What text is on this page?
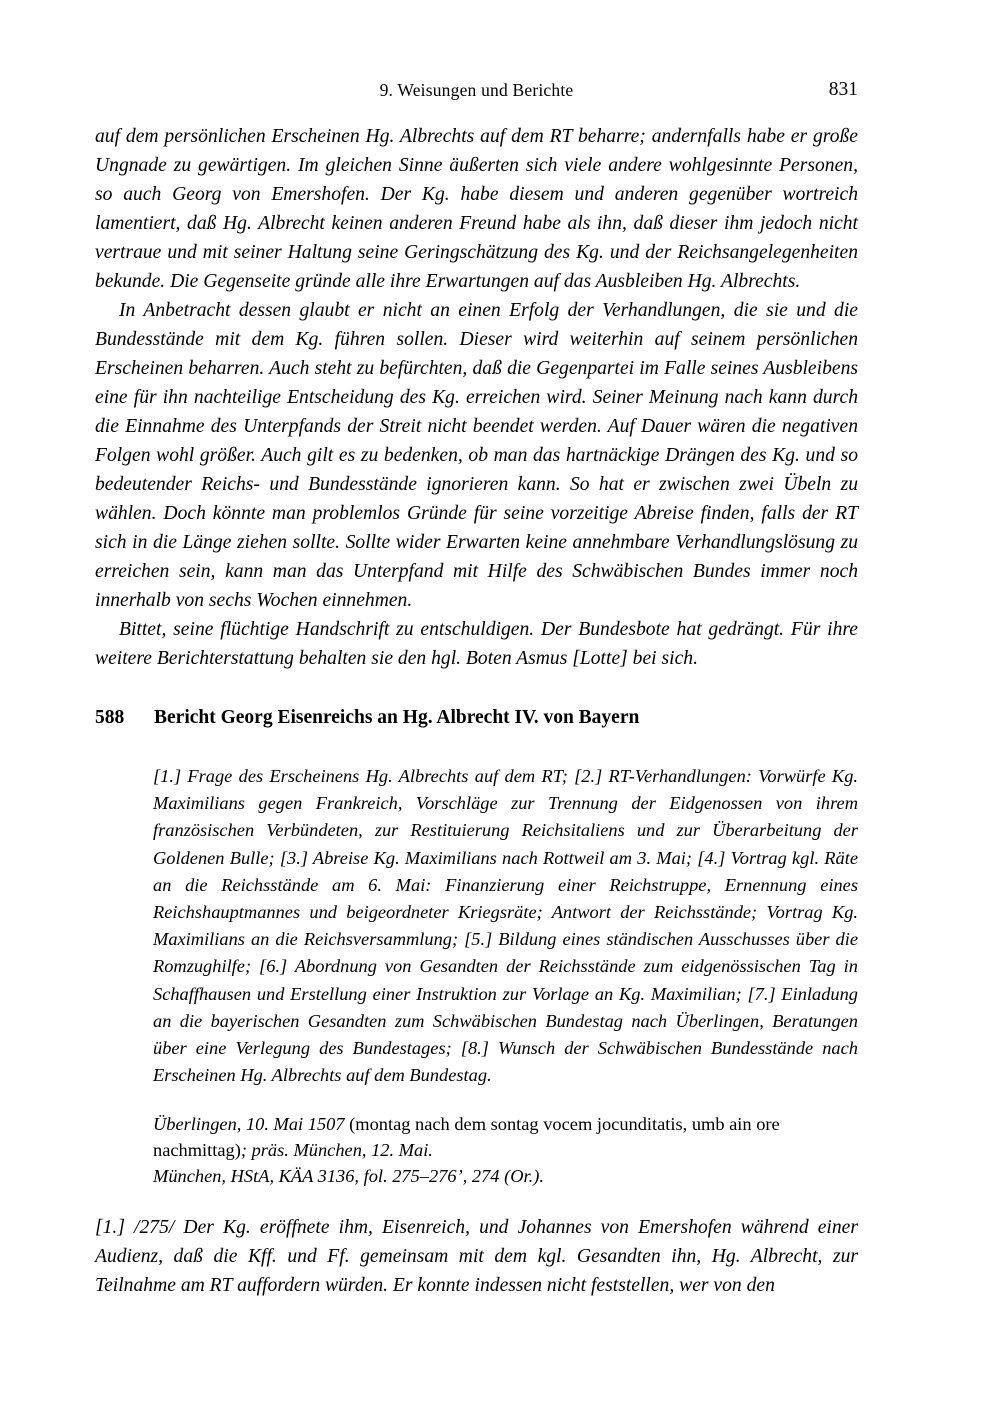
9. Weisungen und Berichte	831

auf dem persönlichen Erscheinen Hg. Albrechts auf dem RT beharre; andernfalls habe er große Ungnade zu gewärtigen. Im gleichen Sinne äußerten sich viele andere wohlgesinnte Personen, so auch Georg von Emershofen. Der Kg. habe diesem und anderen gegenüber wortreich lamentiert, daß Hg. Albrecht keinen anderen Freund habe als ihn, daß dieser ihm jedoch nicht vertraue und mit seiner Haltung seine Geringschätzung des Kg. und der Reichsangelegenheiten bekunde. Die Gegenseite gründe alle ihre Erwartungen auf das Ausbleiben Hg. Albrechts.

In Anbetracht dessen glaubt er nicht an einen Erfolg der Verhandlungen, die sie und die Bundesstände mit dem Kg. führen sollen. Dieser wird weiterhin auf seinem persönlichen Erscheinen beharren. Auch steht zu befürchten, daß die Gegenpartei im Falle seines Ausbleibens eine für ihn nachteilige Entscheidung des Kg. erreichen wird. Seiner Meinung nach kann durch die Einnahme des Unterpfands der Streit nicht beendet werden. Auf Dauer wären die negativen Folgen wohl größer. Auch gilt es zu bedenken, ob man das hartnäckige Drängen des Kg. und so bedeutender Reichs- und Bundesstände ignorieren kann. So hat er zwischen zwei Übeln zu wählen. Doch könnte man problemlos Gründe für seine vorzeitige Abreise finden, falls der RT sich in die Länge ziehen sollte. Sollte wider Erwarten keine annehmbare Verhandlungslösung zu erreichen sein, kann man das Unterpfand mit Hilfe des Schwäbischen Bundes immer noch innerhalb von sechs Wochen einnehmen.

Bittet, seine flüchtige Handschrift zu entschuldigen. Der Bundesbote hat gedrängt. Für ihre weitere Berichterstattung behalten sie den hgl. Boten Asmus [Lotte] bei sich.

588 Bericht Georg Eisenreichs an Hg. Albrecht IV. von Bayern

[1.] Frage des Erscheinens Hg. Albrechts auf dem RT; [2.] RT-Verhandlungen: Vorwürfe Kg. Maximilians gegen Frankreich, Vorschläge zur Trennung der Eidgenossen von ihrem französischen Verbündeten, zur Restituierung Reichsitaliens und zur Überarbeitung der Goldenen Bulle; [3.] Abreise Kg. Maximilians nach Rottweil am 3. Mai; [4.] Vortrag kgl. Räte an die Reichsstände am 6. Mai: Finanzierung einer Reichstruppe, Ernennung eines Reichshauptmannes und beigeordneter Kriegsräte; Antwort der Reichsstände; Vortrag Kg. Maximilians an die Reichsversammlung; [5.] Bildung eines ständischen Ausschusses über die Romzughilfe; [6.] Abordnung von Gesandten der Reichsstände zum eidgenössischen Tag in Schaffhausen und Erstellung einer Instruktion zur Vorlage an Kg. Maximilian; [7.] Einladung an die bayerischen Gesandten zum Schwäbischen Bundestag nach Überlingen, Beratungen über eine Verlegung des Bundestages; [8.] Wunsch der Schwäbischen Bundesstände nach Erscheinen Hg. Albrechts auf dem Bundestag.

Überlingen, 10. Mai 1507 (montag nach dem sontag vocem jocunditatis, umb ain ore nachmittag); präs. München, 12. Mai.

München, HStA, KÄA 3136, fol. 275–276’, 274 (Or.).

[1.] /275/ Der Kg. eröffnete ihm, Eisenreich, und Johannes von Emershofen während einer Audienz, daß die Kff. und Ff. gemeinsam mit dem kgl. Gesandten ihn, Hg. Albrecht, zur Teilnahme am RT auffordern würden. Er konnte indessen nicht feststellen, wer von den
